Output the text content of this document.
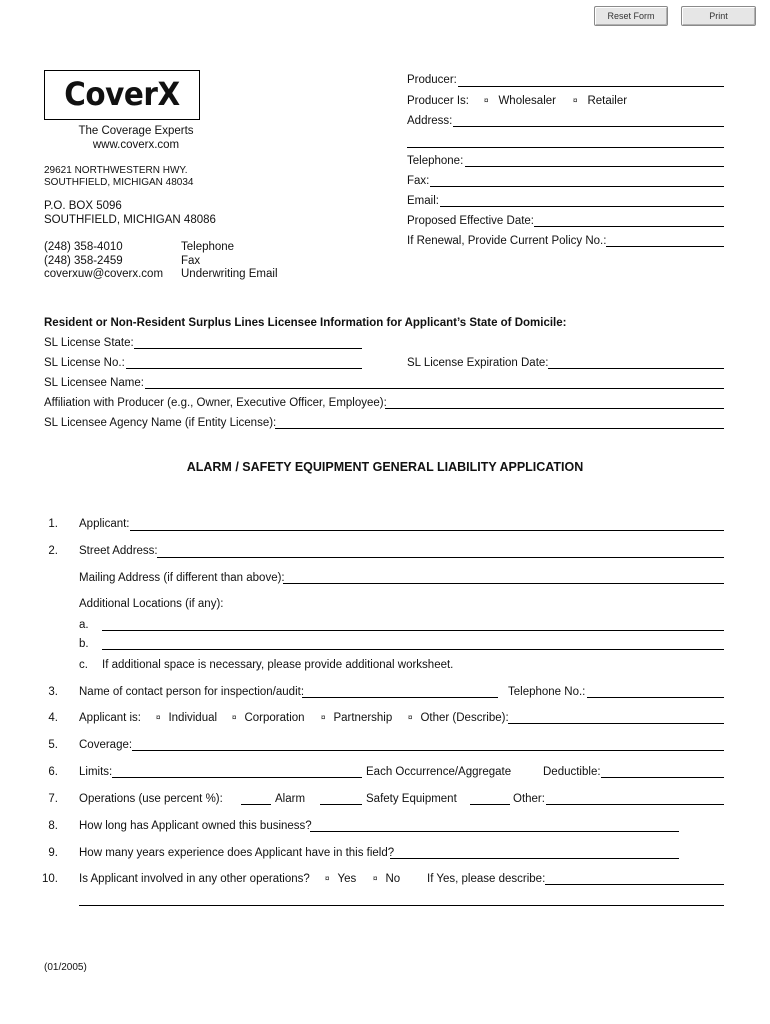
Reset Form	Print
CoverX
The Coverage Experts
www.coverx.com
29621 NORTHWESTERN HWY.
SOUTHFIELD, MICHIGAN 48034
P.O. BOX 5096
SOUTHFIELD, MICHIGAN 48086
(248) 358-4010	Telephone
(248) 358-2459	Fax
coverxuw@coverx.com Underwriting Email
Producer:
Producer Is: ¤ Wholesaler ¤ Retailer
Address:
Telephone:
Fax:
Email:
Proposed Effective Date:
If Renewal, Provide Current Policy No.:
Resident or Non-Resident Surplus Lines Licensee Information for Applicant’s State of Domicile:
SL License State:
SL License No.:	SL License Expiration Date:
SL Licensee Name:
Affiliation with Producer (e.g., Owner, Executive Officer, Employee):
SL Licensee Agency Name (if Entity License):
ALARM / SAFETY EQUIPMENT GENERAL LIABILITY APPLICATION
1. Applicant:
2. Street Address:
Mailing Address (if different than above):
Additional Locations (if any):
a.
b.
c. If additional space is necessary, please provide additional worksheet.
3. Name of contact person for inspection/audit:	Telephone No.:
4. Applicant is: ¤ Individual ¤ Corporation ¤ Partnership ¤ Other (Describe):
5. Coverage:
6. Limits:	Each Occurrence/Aggregate	Deductible:
7. Operations (use percent %):	Alarm	Safety Equipment	Other:
8. How long has Applicant owned this business?
9. How many years experience does Applicant have in this field?
10. Is Applicant involved in any other operations? ¤ Yes ¤ No If Yes, please describe:
(01/2005)
